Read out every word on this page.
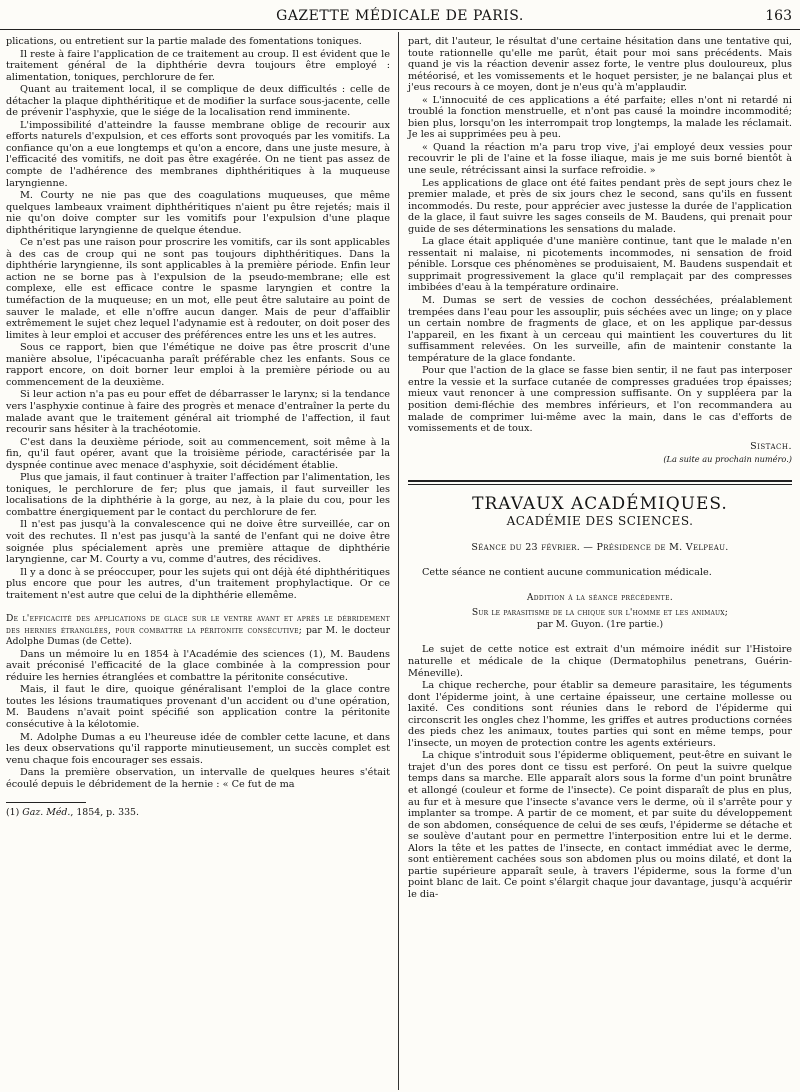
GAZETTE MÉDICALE DE PARIS.	163

plications, ou entretient sur la partie malade des fomentations toniques.

Il reste à faire l'application de ce traitement au croup. Il est évident que le traitement général de la diphthérie devra toujours être employé : alimentation, toniques, perchlorure de fer.

Quant au traitement local, il se complique de deux difficultés : celle de détacher la plaque diphthéritique et de modifier la surface sous-jacente, celle de prévenir l'asphyxie, que le siége de la localisation rend imminente.

L'impossibilité d'atteindre la fausse membrane oblige de recourir aux efforts naturels d'expulsion, et ces efforts sont provoqués par les vomitifs. La confiance qu'on a eue longtemps et qu'on a encore, dans une juste mesure, à l'efficacité des vomitifs, ne doit pas être exagérée. On ne tient pas assez de compte de l'adhérence des membranes diphthéritiques à la muqueuse laryngienne.

M. Courty ne nie pas que des coagulations muqueuses, que même quelques lambeaux vraiment diphthéritiques n'aient pu être rejetés; mais il nie qu'on doive compter sur les vomitifs pour l'expulsion d'une plaque diphthéritique laryngienne de quelque étendue.

Ce n'est pas une raison pour proscrire les vomitifs, car ils sont applicables à des cas de croup qui ne sont pas toujours diphthéritiques. Dans la diphthérie laryngienne, ils sont applicables à la première période. Enfin leur action ne se borne pas à l'expulsion de la pseudo-membrane; elle est complexe, elle est efficace contre le spasme laryngien et contre la tuméfaction de la muqueuse; en un mot, elle peut être salutaire au point de sauver le malade, et elle n'offre aucun danger. Mais de peur d'affaiblir extrêmement le sujet chez lequel l'adynamie est à redouter, on doit poser des limites à leur emploi et accuser des préférences entre les uns et les autres.

Sous ce rapport, bien que l'émétique ne doive pas être proscrit d'une manière absolue, l'ipécacuanha paraît préférable chez les enfants. Sous ce rapport encore, on doit borner leur emploi à la première période ou au commencement de la deuxième.

Si leur action n'a pas eu pour effet de débarrasser le larynx; si la tendance vers l'asphyxie continue à faire des progrès et menace d'entraîner la perte du malade avant que le traitement général ait triomphé de l'affection, il faut recourir sans hésiter à la trachéotomie.

C'est dans la deuxième période, soit au commencement, soit même à la fin, qu'il faut opérer, avant que la troisième période, caractérisée par la dyspnée continue avec menace d'asphyxie, soit décidément établie.

Plus que jamais, il faut continuer à traiter l'affection par l'alimentation, les toniques, le perchlorure de fer; plus que jamais, il faut surveiller les localisations de la diphthérie à la gorge, au nez, à la plaie du cou, pour les combattre énergiquement par le contact du perchlorure de fer.

Il n'est pas jusqu'à la convalescence qui ne doive être surveillée, car on voit des rechutes. Il n'est pas jusqu'à la santé de l'enfant qui ne doive être soignée plus spécialement après une première attaque de diphthérie laryngienne, car M. Courty a vu, comme d'autres, des récidives.

Il y a donc à se préoccuper, pour les sujets qui ont déjà été diphthéritiques plus encore que pour les autres, d'un traitement prophylactique. Or ce traitement n'est autre que celui de la diphthérie ellemême.

De l'efficacité des applications de glace sur le ventre avant et après le débridement des hernies étranglées, pour combattre la péritonite consécutive; par M. le docteur Adolphe Dumas (de Cette).

Dans un mémoire lu en 1854 à l'Académie des sciences (1), M. Baudens avait préconisé l'efficacité de la glace combinée à la compression pour réduire les hernies étranglées et combattre la péritonite consécutive.

Mais, il faut le dire, quoique généralisant l'emploi de la glace contre toutes les lésions traumatiques provenant d'un accident ou d'une opération, M. Baudens n'avait point spécifié son application contre la péritonite consécutive à la kélotomie.

M. Adolphe Dumas a eu l'heureuse idée de combler cette lacune, et dans les deux observations qu'il rapporte minutieusement, un succès complet est venu chaque fois encourager ses essais.

Dans la première observation, un intervalle de quelques heures s'était écoulé depuis le débridement de la hernie : « Ce fut de ma

(1) Gaz. Méd., 1854, p. 335.

part, dit l'auteur, le résultat d'une certaine hésitation dans une tentative qui, toute rationnelle qu'elle me parût, était pour moi sans précédents. Mais quand je vis la réaction devenir assez forte, le ventre plus douloureux, plus météorisé, et les vomissements et le hoquet persister, je ne balançai plus et j'eus recours à ce moyen, dont je n'eus qu'à m'applaudir.

« L'innocuité de ces applications a été parfaite; elles n'ont ni retardé ni troublé la fonction menstruelle, et n'ont pas causé la moindre incommodité; bien plus, lorsqu'on les interrompait trop longtemps, la malade les réclamait. Je les ai supprimées peu à peu.

« Quand la réaction m'a paru trop vive, j'ai employé deux vessies pour recouvrir le pli de l'aine et la fosse iliaque, mais je me suis borné bientôt à une seule, rétrécissant ainsi la surface refroidie. »

Les applications de glace ont été faites pendant près de sept jours chez le premier malade, et près de six jours chez le second, sans qu'ils en fussent incommodés. Du reste, pour apprécier avec justesse la durée de l'application de la glace, il faut suivre les sages conseils de M. Baudens, qui prenait pour guide de ses déterminations les sensations du malade.

La glace était appliquée d'une manière continue, tant que le malade n'en ressentait ni malaise, ni picotements incommodes, ni sensation de froid pénible. Lorsque ces phénomènes se produisaient, M. Baudens suspendait et supprimait progressivement la glace qu'il remplaçait par des compresses imbibées d'eau à la température ordinaire.

M. Dumas se sert de vessies de cochon desséchées, préalablement trempées dans l'eau pour les assouplir, puis séchées avec un linge; on y place un certain nombre de fragments de glace, et on les applique par-dessus l'appareil, en les fixant à un cerceau qui maintient les couvertures du lit suffisamment relevées. On les surveille, afin de maintenir constante la température de la glace fondante.

Pour que l'action de la glace se fasse bien sentir, il ne faut pas interposer entre la vessie et la surface cutanée de compresses graduées trop épaisses; mieux vaut renoncer à une compression suffisante. On y suppléera par la position demi-fléchie des membres inférieurs, et l'on recommandera au malade de comprimer lui-même avec la main, dans le cas d'efforts de vomissements et de toux.

Sistach.
(La suite au prochain numéro.)
TRAVAUX ACADÉMIQUES.
ACADÉMIE DES SCIENCES.
Séance du 23 février. — Présidence de M. Velpeau.

Cette séance ne contient aucune communication médicale.

Addition à la séance précédente.
Sur le parasitisme de la chique sur l'homme et les animaux;
par M. Guyon. (1re partie.)

Le sujet de cette notice est extrait d'un mémoire inédit sur l'Histoire naturelle et médicale de la chique (Dermatophilus penetrans, Guérin-Méneville).

La chique recherche, pour établir sa demeure parasitaire, les téguments dont l'épiderme joint, à une certaine épaisseur, une certaine mollesse ou laxité. Ces conditions sont réunies dans le rebord de l'épiderme qui circonscrit les ongles chez l'homme, les griffes et autres productions cornées des pieds chez les animaux, toutes parties qui sont en même temps, pour l'insecte, un moyen de protection contre les agents extérieurs.

La chique s'introduit sous l'épiderme obliquement, peut-être en suivant le trajet d'un des pores dont ce tissu est perforé. On peut la suivre quelque temps dans sa marche. Elle apparaît alors sous la forme d'un point brunâtre et allongé (couleur et forme de l'insecte). Ce point disparaît de plus en plus, au fur et à mesure que l'insecte s'avance vers le derme, où il s'arrête pour y implanter sa trompe. A partir de ce moment, et par suite du développement de son abdomen, conséquence de celui de ses œufs, l'épiderme se détache et se soulève d'autant pour en permettre l'interposition entre lui et le derme. Alors la tête et les pattes de l'insecte, en contact immédiat avec le derme, sont entièrement cachées sous son abdomen plus ou moins dilaté, et dont la partie supérieure apparaît seule, à travers l'épiderme, sous la forme d'un point blanc de lait. Ce point s'élargit chaque jour davantage, jusqu'à acquérir le dia-
